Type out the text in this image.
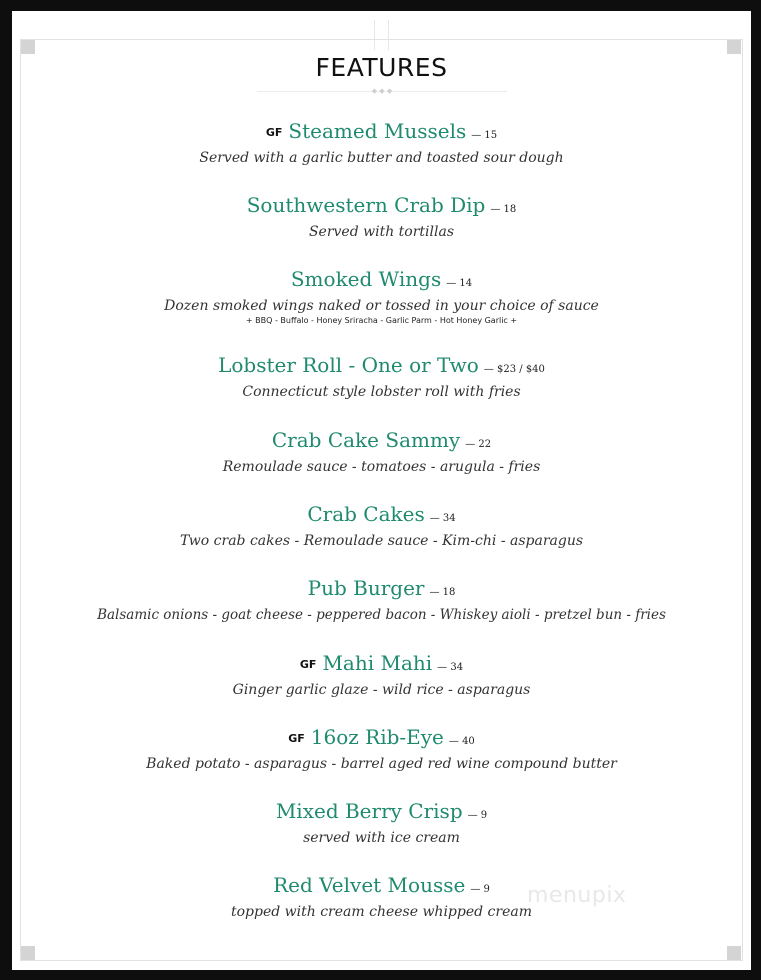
FEATURES
◆ ◆ ◆
GF Steamed Mussels — 15
Served with a garlic butter and toasted sour dough
Southwestern Crab Dip — 18
Served with tortillas
Smoked Wings — 14
Dozen smoked wings naked or tossed in your choice of sauce
+ BBQ - Buffalo - Honey Sriracha - Garlic Parm - Hot Honey Garlic +
Lobster Roll - One or Two — $23 / $40
Connecticut style lobster roll with fries
Crab Cake Sammy — 22
Remoulade sauce - tomatoes - arugula - fries
Crab Cakes — 34
Two crab cakes - Remoulade sauce - Kim-chi - asparagus
Pub Burger — 18
Balsamic onions - goat cheese - peppered bacon - Whiskey aioli - pretzel bun - fries
GF Mahi Mahi — 34
Ginger garlic glaze - wild rice - asparagus
GF 16oz Rib-Eye — 40
Baked potato - asparagus - barrel aged red wine compound butter
Mixed Berry Crisp — 9
served with ice cream
Red Velvet Mousse — 9
topped with cream cheese whipped cream
menupix
